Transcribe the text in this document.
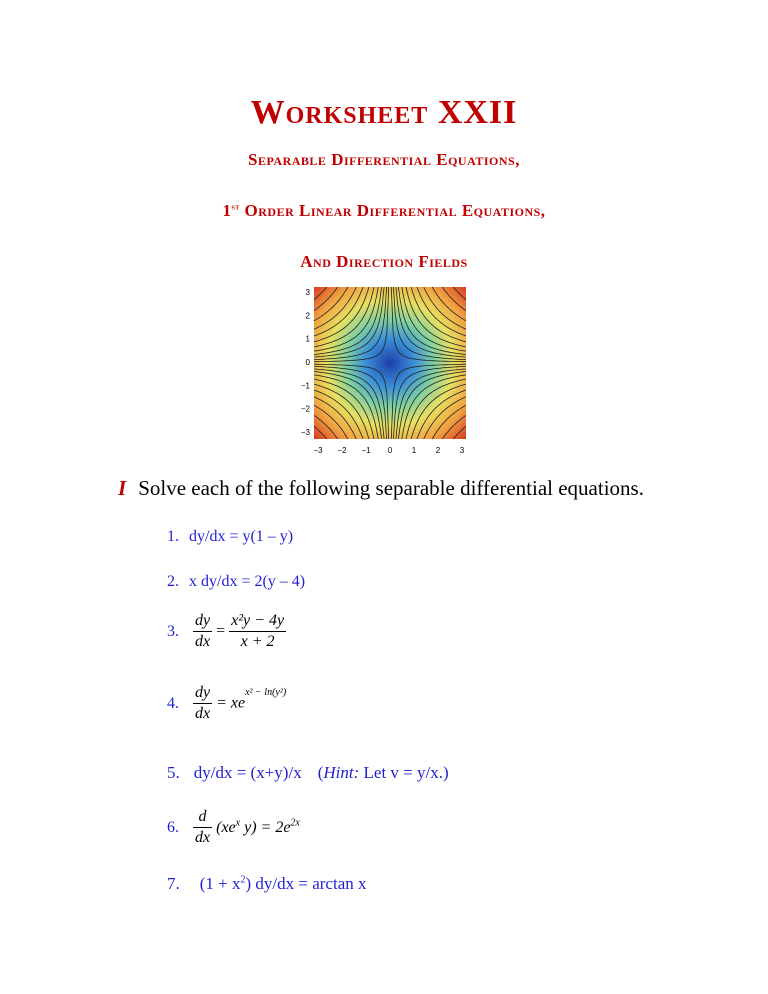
Worksheet XXII
Separable Differential Equations,
1st Order Linear Differential Equations,
And Direction Fields
3
2
1
0
−1
−2
−3
−3 −2 −1 0 1 2 3
I Solve each of the following separable differential equations.
1. dy/dx = y(1 – y)
2. x dy/dx = 2(y – 4)
3. $\frac{dy}{dx} = \frac{\text{x²y − 4y}}{x + 2}$
4. $\frac{dy}{dx} = xe^{x^2 - ln(y^2)}$
5. dy/dx = (x+y)/x (Hint: Let v = y/x.)
6. $\frac{d}{dx} (xe^x$ $y) = 2e^{2x}$
7. $(1 + x^2)$ dy/dx = arctan x
